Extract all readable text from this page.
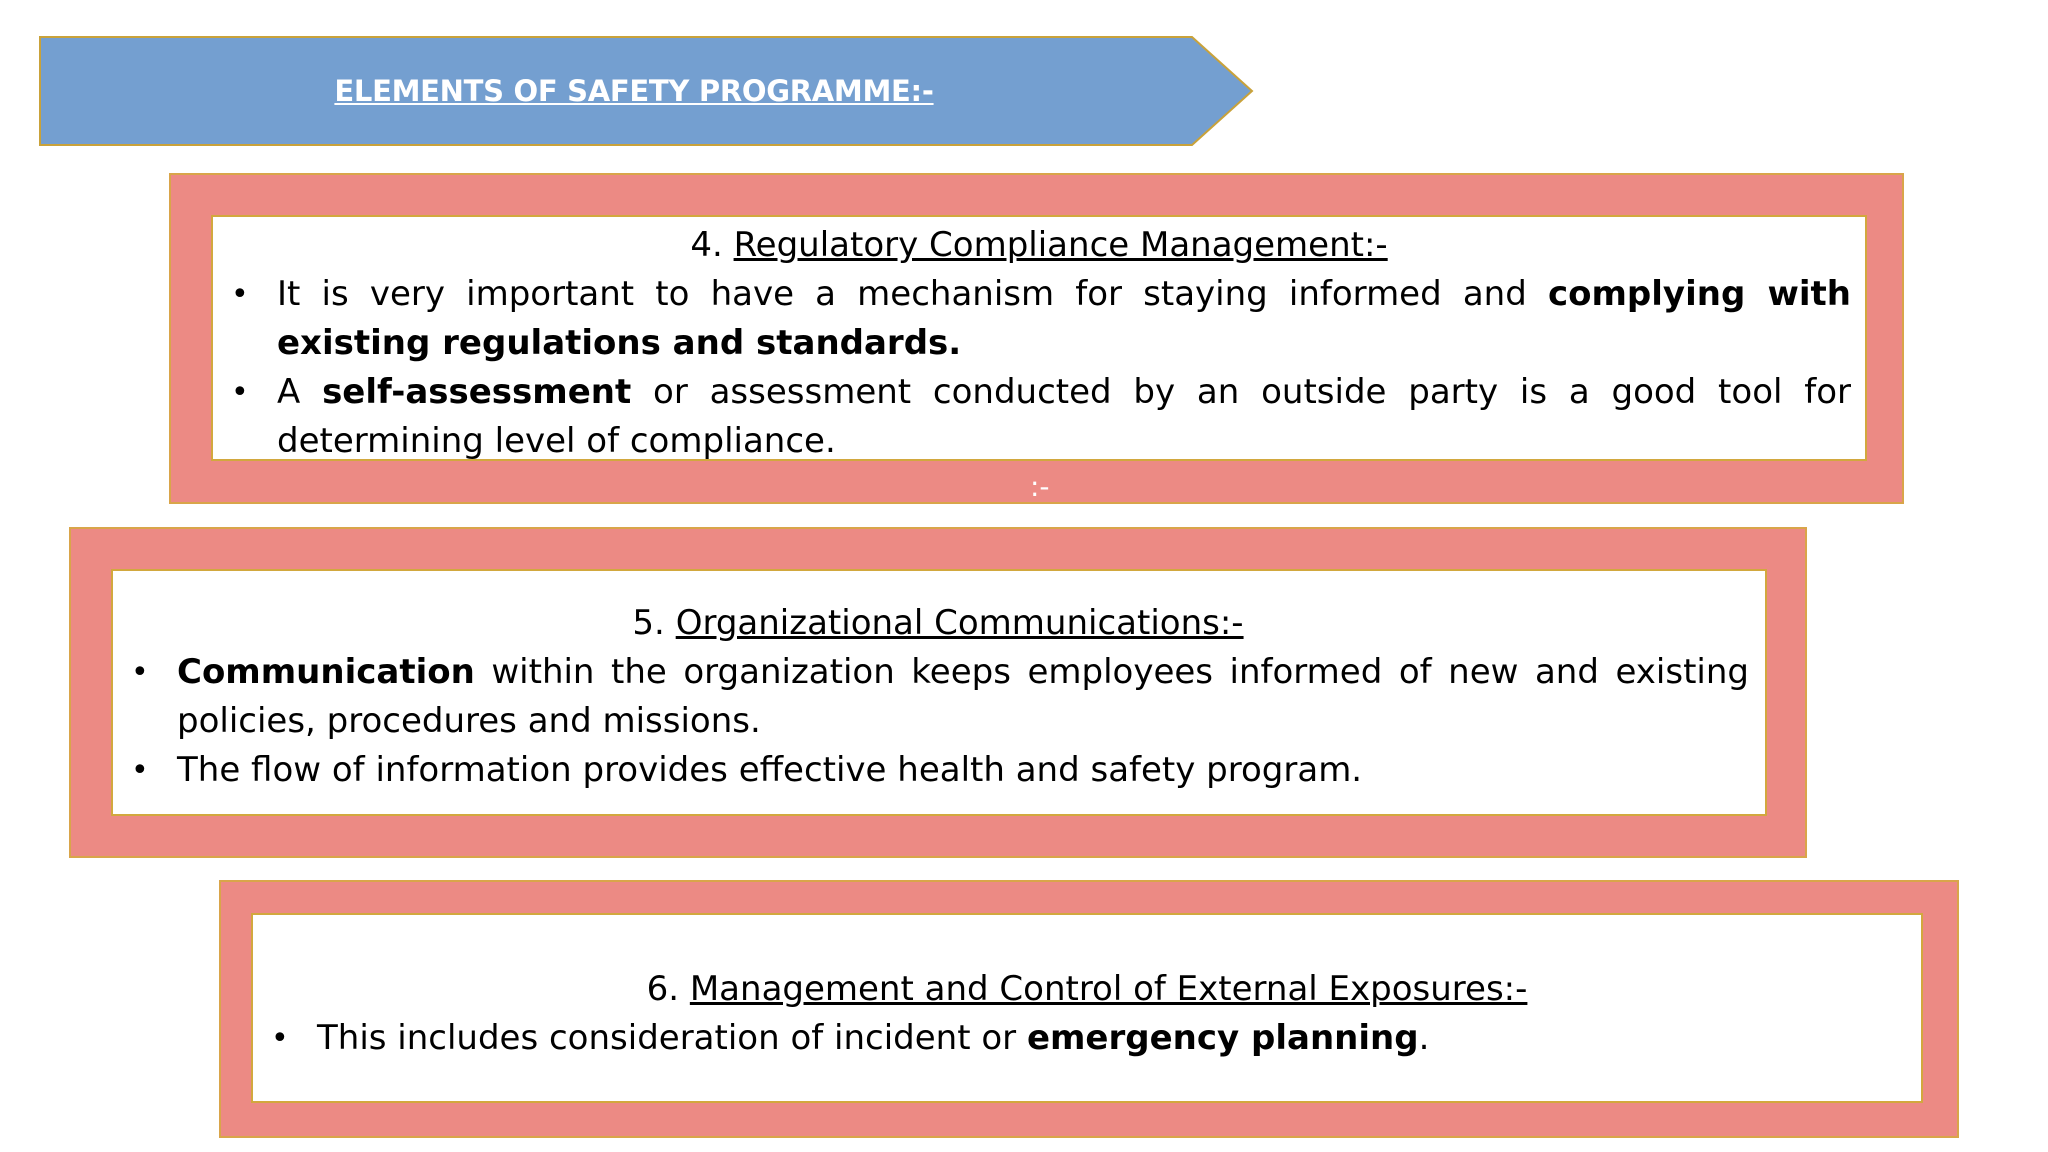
ELEMENTS OF SAFETY PROGRAMME:-
4. Regulatory Compliance Management:-
• It is very important to have a mechanism for staying informed and complying with existing regulations and standards.
• A self-assessment or assessment conducted by an outside party is a good tool for determining level of compliance.
:-
5. Organizational Communications:-
• Communication within the organization keeps employees informed of new and existing policies, procedures and missions.
• The flow of information provides effective health and safety program.
6. Management and Control of External Exposures:-
• This includes consideration of incident or emergency planning.
